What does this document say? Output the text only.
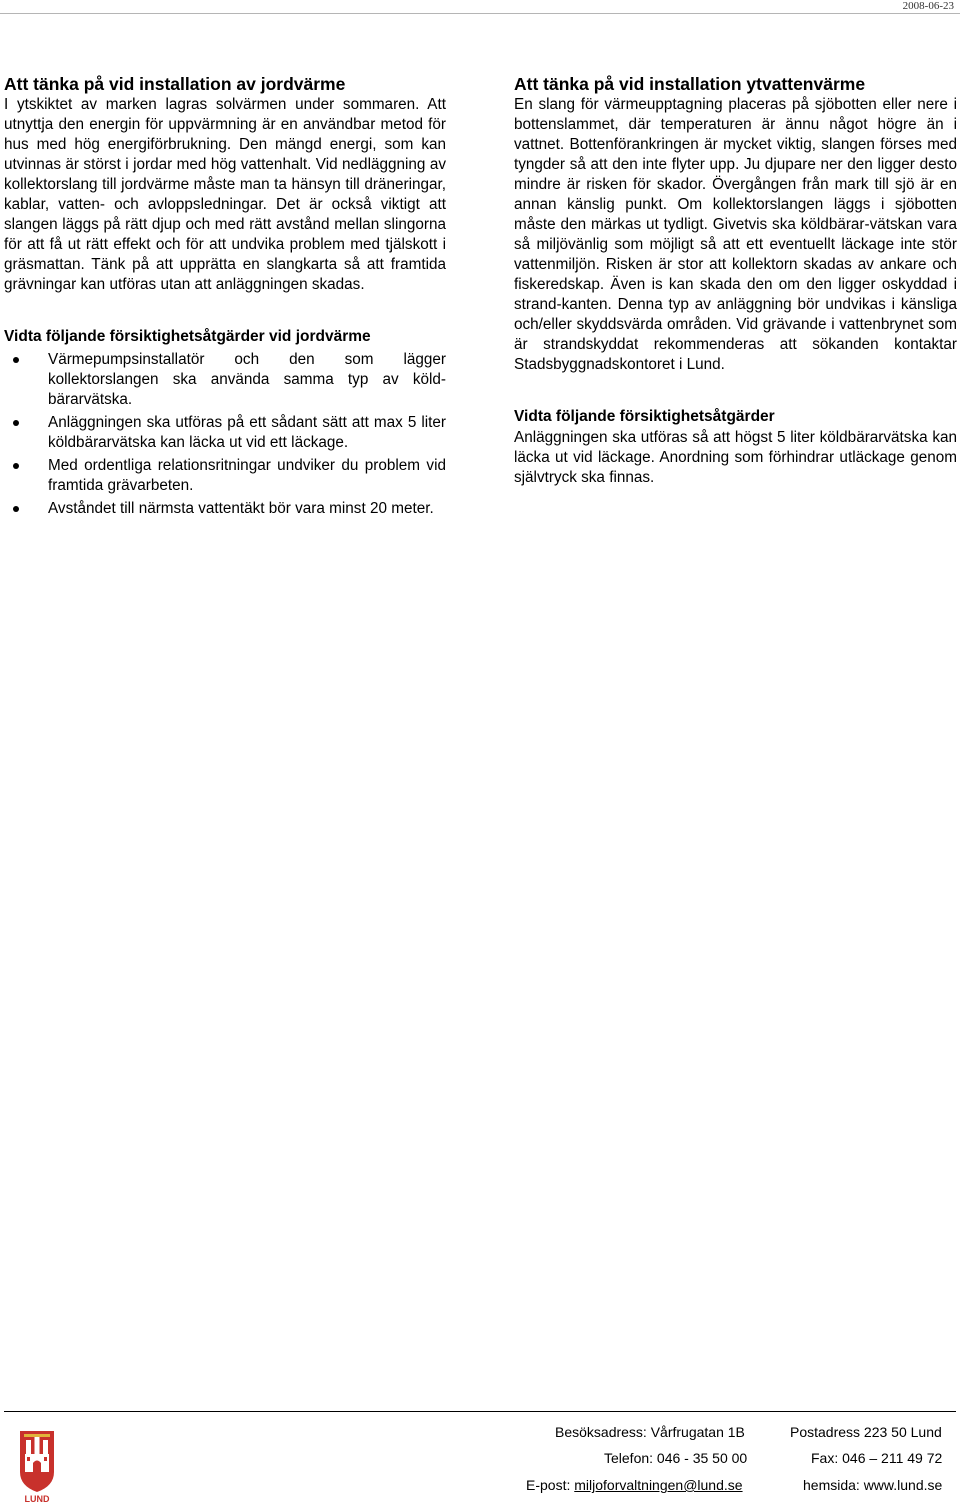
2008-06-23
Att tänka på vid installation av jordvärme

I ytskiktet av marken lagras solvärmen under sommaren. Att utnyttja den energin för uppvärmning är en användbar metod för hus med hög energiförbrukning. Den mängd energi, som kan utvinnas är störst i jordar med hög vattenhalt. Vid nedläggning av kollektorslang till jordvärme måste man ta hänsyn till dräneringar, kablar, vatten- och avloppsledningar. Det är också viktigt att slangen läggs på rätt djup och med rätt avstånd mellan slingorna för att få ut rätt effekt och för att undvika problem med tjälskott i gräsmattan. Tänk på att upprätta en slangkarta så att framtida grävningar kan utföras utan att anläggningen skadas.

Vidta följande försiktighetsåtgärder vid jordvärme
Värmepumpsinstallatör och den som lägger kollektorslangen ska använda samma typ av köld-bärarvätska.
Anläggningen ska utföras på ett sådant sätt att max 5 liter köldbärarvätska kan läcka ut vid ett läckage.
Med ordentliga relationsritningar undviker du problem vid framtida grävarbeten.
Avståndet till närmsta vattentäkt bör vara minst 20 meter.
Att tänka på vid installation ytvattenvärme

En slang för värmeupptagning placeras på sjöbotten eller nere i bottenslammet, där temperaturen är ännu något högre än i vattnet. Bottenförankringen är mycket viktig, slangen förses med tyngder så att den inte flyter upp. Ju djupare ner den ligger desto mindre är risken för skador. Övergången från mark till sjö är en annan känslig punkt. Om kollektorslangen läggs i sjöbotten måste den märkas ut tydligt. Givetvis ska köldbärar-vätskan vara så miljövänlig som möjligt så att ett eventuellt läckage inte stör vattenmiljön. Risken är stor att kollektorn skadas av ankare och fiskeredskap. Även is kan skada den om den ligger oskyddad i strand-kanten. Denna typ av anläggning bör undvikas i känsliga och/eller skyddsvärda områden. Vid grävande i vattenbrynet som är strandskyddat rekommenderas att sökanden kontaktar Stadsbyggnadskontoret i Lund.

Vidta följande försiktighetsåtgärder

Anläggningen ska utföras så att högst 5 liter köldbärarvätska kan läcka ut vid läckage. Anordning som förhindrar utläckage genom självtryck ska finnas.

LUND
Besöksadress: Vårfrugatan 1B	Postadress 223 50 Lund
Telefon: 046 - 35 50 00	Fax: 046 – 211 49 72
E-post: miljoforvaltningen@lund.se	hemsida: www.lund.se
